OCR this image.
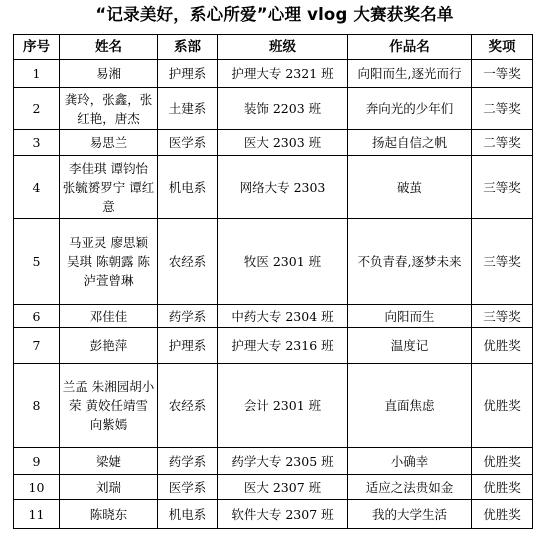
“记录美好，系心所爱”心理 vlog 大赛获奖名单
序号	姓名	系部	班级	作品名	奖项
1	易湘	护理系	护理大专 2321 班	向阳而生,逐光而行	一等奖
2	龚玲，张鑫，张红艳，唐杰	土建系	装饰 2203 班	奔向光的少年们	二等奖
3	易思兰	医学系	医大 2303 班	扬起自信之帆	二等奖
4	李佳琪 谭钧怡 张毓赟罗宁 谭红意	机电系	网络大专 2303	破茧	三等奖
5	马亚灵 廖思颖 吴琪 陈朝露 陈泸萱曾琳	农经系	牧医 2301 班	不负青春,逐梦未来	三等奖
6	邓佳佳	药学系	中药大专 2304 班	向阳而生	三等奖
7	彭艳萍	护理系	护理大专 2316 班	温度记	优胜奖
8	兰孟 朱湘园胡小荣 黄姣任靖雪 向紫嫣	农经系	会计 2301 班	直面焦虑	优胜奖
9	梁婕	药学系	药学大专 2305 班	小确幸	优胜奖
10	刘瑞	医学系	医大 2307 班	适应之法贵如金	优胜奖
11	陈晓东	机电系	软件大专 2307 班	我的大学生活	优胜奖
